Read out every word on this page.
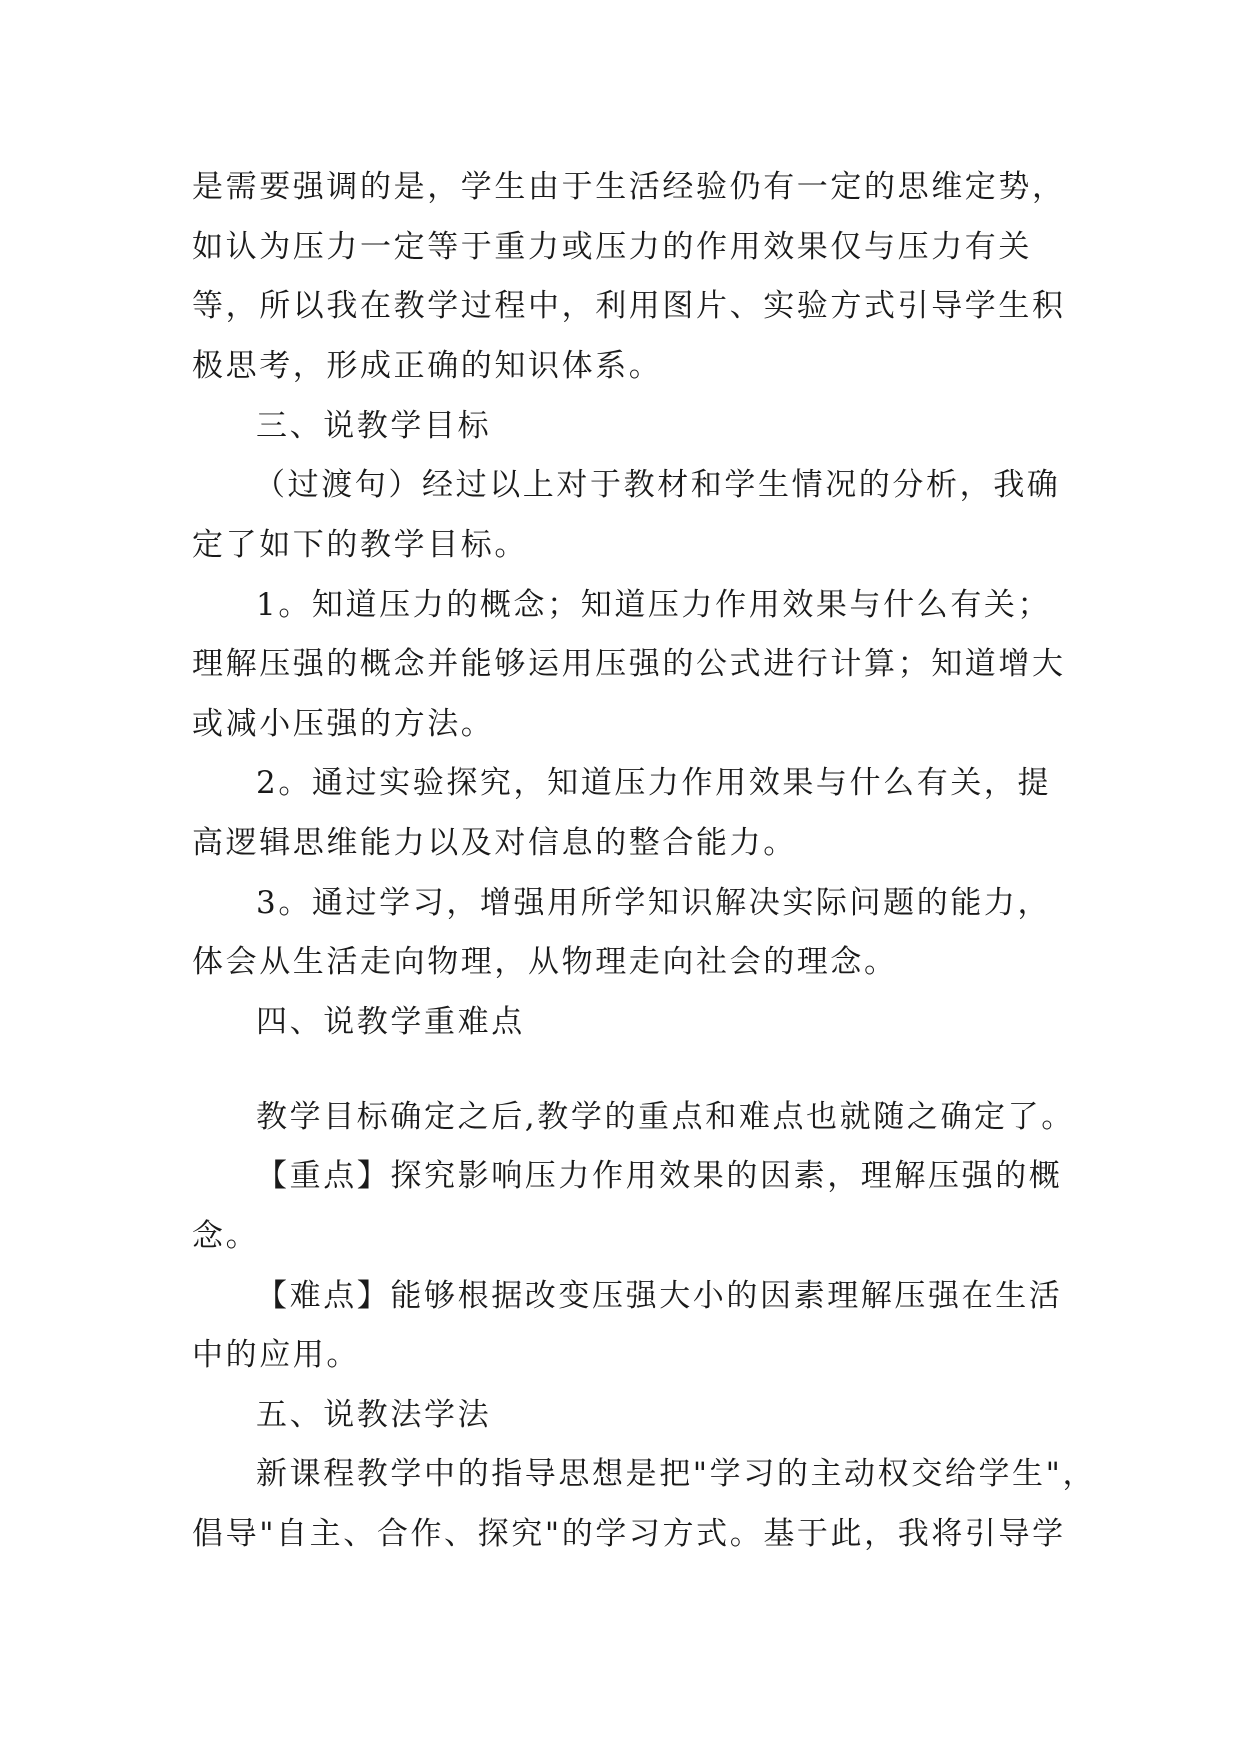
是需要强调的是，学生由于生活经验仍有一定的思维定势，
如认为压力一定等于重力或压力的作用效果仅与压力有关
等，所以我在教学过程中，利用图片、实验方式引导学生积
极思考，形成正确的知识体系。
三、说教学目标
（过渡句）经过以上对于教材和学生情况的分析，我确
定了如下的教学目标。
1。知道压力的概念；知道压力作用效果与什么有关；
理解压强的概念并能够运用压强的公式进行计算；知道增大
或减小压强的方法。
2。通过实验探究，知道压力作用效果与什么有关，提
高逻辑思维能力以及对信息的整合能力。
3。通过学习，增强用所学知识解决实际问题的能力，
体会从生活走向物理，从物理走向社会的理念。
四、说教学重难点
教学目标确定之后,教学的重点和难点也就随之确定了。
【重点】探究影响压力作用效果的因素，理解压强的概
念。
【难点】能够根据改变压强大小的因素理解压强在生活
中的应用。
五、说教法学法
新课程教学中的指导思想是把"学习的主动权交给学生"，
倡导"自主、合作、探究"的学习方式。基于此，我将引导学
